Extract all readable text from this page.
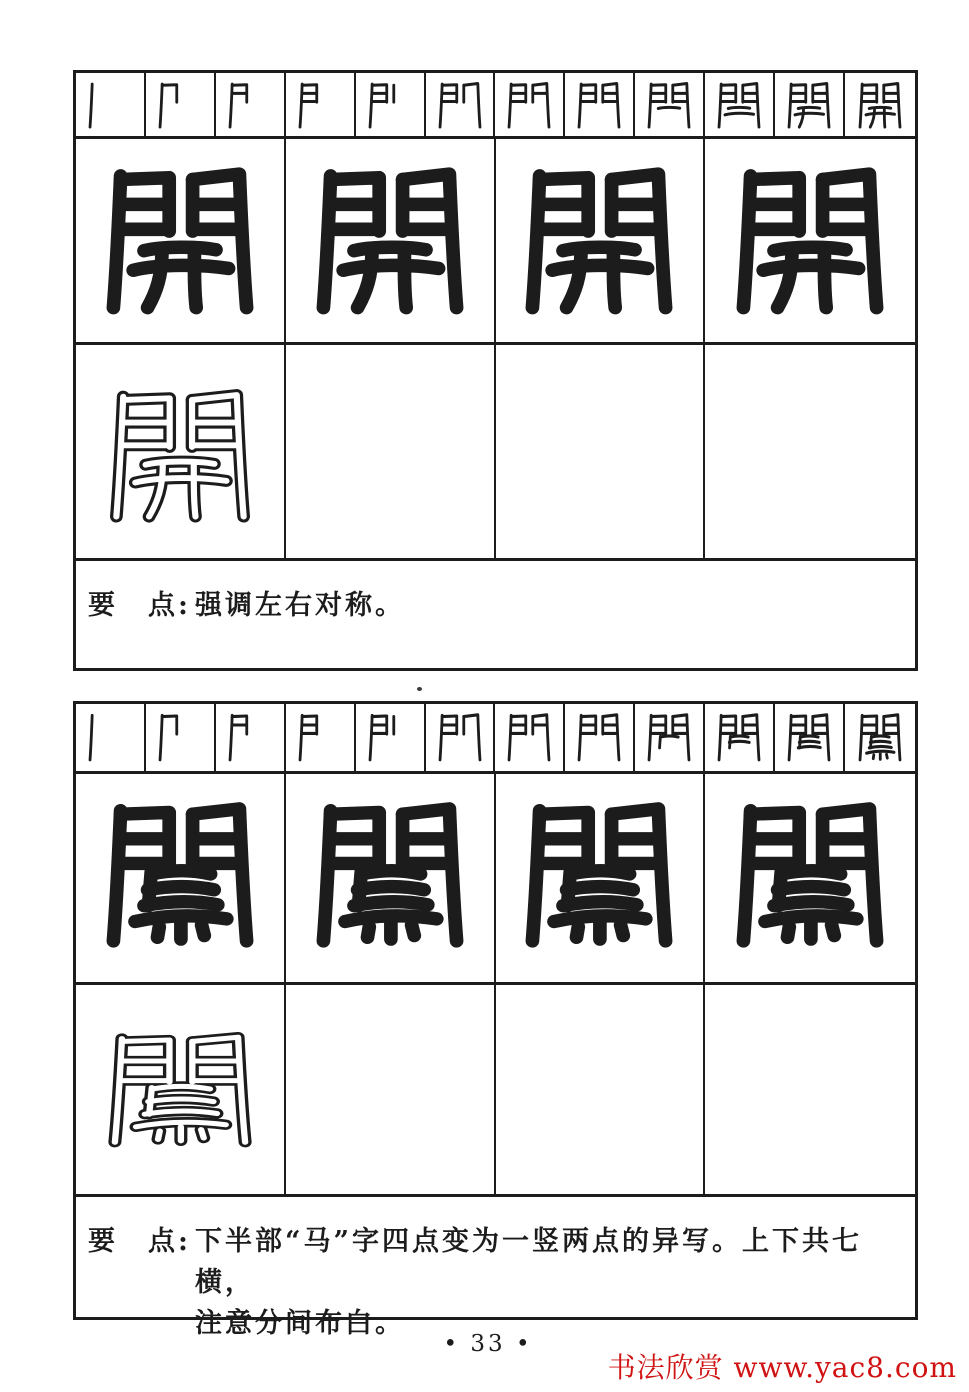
要　点: 强调左右对称。
要　点: 下半部“马”字四点变为一竖两点的异写。上下共七横，
注意分间布白。
• 33 •
书法欣赏 www.yac8.com
